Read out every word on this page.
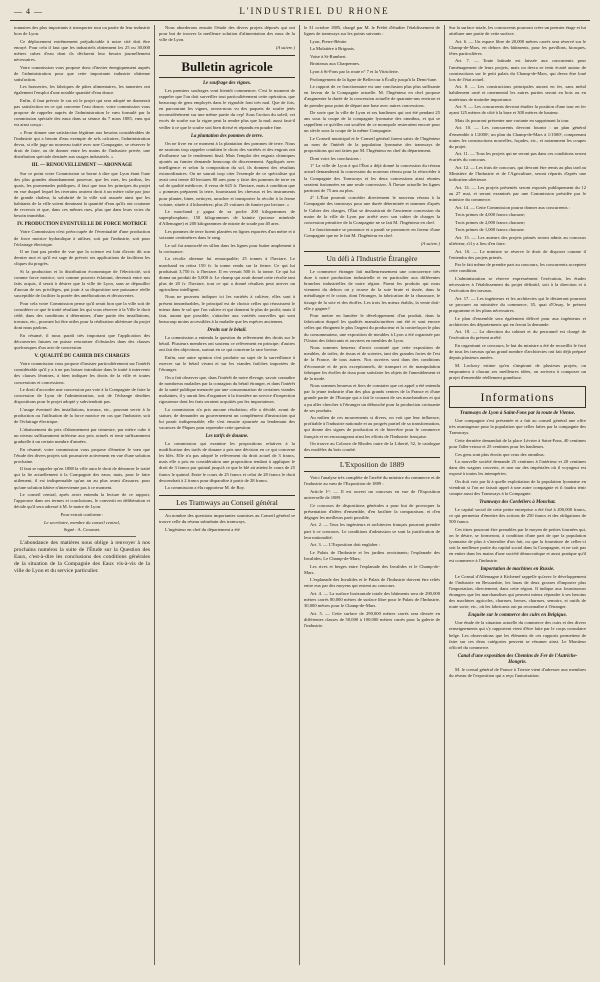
— 4 —	L'INDUSTRIEL DU RHONE

tonnaires des plus importants à transporter tout ou partie de leur industrie hors de Lyon.

Ce déplacement extrêmement préjudiciable à notre cité doit être enrayé. Pour cela il faut que les industriels obtiennent les 25 ou 30,000 mètres cubes d'eau dont ils déclarent leur besoin journellement nécessaires.

Votre commission vous propose donc d'inviter énergiquement auprès de l'administration pour que cette importante industrie obtienne satisfaction.

Les brasseries, les fabriques de pâtes alimentaires, les tanneries ont également l'emploi d'une notable quantité d'eau douce.

Enfin, il faut prévoir le cas où le projet qui sera adopté ne donnerait pas satisfaction en ce qui concerne l'eau douce; votre commission vous propose de rappeler auprès de l'administration le vœu formulé par la commission spéciale des eaux dans sa séance du 7 mars 1885, vœu qui est ainsi conçu :

« Pour donner une satisfaction légitime aux besoins considérables de l'industrie qui a besoin d'eau exempte de sels calcaires, l'administration devra, si elle juge un nouveau traité avec une Compagnie, se réserver le droit de faire, ou de donner entre les mains de l'industrie privée, une distribution spéciale destinée aux usages industriels. »

III. — RENOUVELLEMENT — ABONNAGE

Sur ce point votre Commission se borne à dire que Lyon étant l'une des plus grandes abondamment pourvue, que les rues, les jardins, les quais, les promenades publiques, il faut que tous les principes du projet en vue duquel lequel les riverains avaient droit à un mètre cube par jour de grande chaleur, la salubrité de la ville soit assurée ainsi que les habitants de la ville soient dominant la quantité d'eau qu'ils ont coutume de recevoir et que, dans ces mêmes rues, plus que dans leurs voies du besoin immédiat.

IV. PRODUCTION EVENTUELLE DE FORCE MOTRICE

Votre Commission n'est préoccupée de l'éventualité d'une production de force motrice hydraulique à utiliser, soit par l'industrie, soit pour l'éclairage électrique.

Il ne faut pas perdre de vue que la science est loin d'avoir dit son dernier mot et qu'il est sage de prévoir ses applications de facilitera les cliques du progrès.

Si la production et la distribution économique de l'électricité, soit comme force motrice, soit comme pouvoir éclairant, devenait entre nos faits acquis, il serait à désirer que la ville de Lyon, sans se dépouiller d'aucun de ses privilèges, put jouir à sa disposition une puissance réelle susceptible de faciliter la portée des améliorations et découvertes.

Pour cela votre Commission pense qu'il serait bon que la ville soit de considérer ce que le traité résultant les qui vous réserver à la Ville le droit cédé, dans des conditions à déterminer, d'une partie des installations, travaux, etc., pouvant lui être utiles pour la réalisation ultérieure du projet dont nous parlons.

En résumé, il nous paraît très important que l'application des découvertes futures ne puisse rencontrer d'obstacles dans des clauses quelconques d'un acte de concession.

V. QUALITÉ DU CAHIER DES CHARGES

Votre commission vous propose d'insister particulièrement sur l'intérêt considérable qu'il y a à ne pas laisser introduire dans le traité à intervenir des clauses léonines, à bien indiquer les droits de la ville et toutes concessions et concessions.

Le droit d'accorder une concession par voie à la Compagnie de faire la concession de Lyon de l'administration, soit de l'échange desdites dispositions pour le projet adopté y subviendrait pas.

L'usage éventuel des installations, travaux, etc., pouvant servir à la production ou l'utilisation de la force motrice en cas que l'industrie, soit de l'éclairage électrique.

L'abaissement du prix d'abonnement par trimestre, par mètre cube à un niveau suffisamment inférieur aux prix actuels et tenir suffisamment graduelle à un certain nombre d'années.

En résumé, votre commission vous propose d'émettre le vœu que l'étude des divers projets soit poursuivie activement en vue d'une solution prochaine.

Il faut se rappeler qu'en 1888 la ville aura le droit de dénoncer le traité qui la lie actuellement à la Compagnie des eaux; mais, pour le faire utilement, il est indispensable qu'un an au plus avant d'assurer, pour qu'une solution hâtive n'intervienne pas à ce moment.

Le conseil central, après avoir entendu la lecture de ce rapport, l'approuve dans ses termes et conclusions, le convertit en délibération et décide qu'il sera adressé à M. le maire de Lyon.

Pour extrait conforme :

Le secrétaire, membre du conseil central,

Signé : A. Coromet.

L'abondance des matières nous oblige à renvoyer à nos prochains numéros la suite de l'Étude sur la Question des Eaux, c'est-à-dire les conclusions des conditions générales de la situation de la Compagnie des Eaux vis-à-vis de la ville de Lyon et du service particulier.

Nous aborderons ensuite l'étude des divers projets déposés qui ont pour but de trouver la meilleure solution d'alimentation des eaux de la ville de Lyon.

(A suivre.)

Bulletin agricole
Le soufrage des vignes.

Les premiers soufrages vont bientôt commencer. C'est le moment de rappeler que l'on doit surveiller tout particulièrement cette opération, que beaucoup de gens employés dans le vignoble font très mal. Que de fois, en parcourant les vignes, avons-nous vu des paquets de soufre jetés inconsidérément sur une même partie du cep! Sous l'action du soleil, cet excès de soufre sur la vigne peut la rendre plus que la mal; aussi faut-il veiller à ce que le soufre soit bien divisé et répandu en poudre fine.

La plantation des pommes de terre.

On ne livre en ce moment à la plantation des pommes de terre. Nous ne saurions trop rappeler combien le choix des variétés et des engrais ont d'influence sur le rendement final. Mais l'emploi des engrais chimiques ajoutés au fumier demande beaucoup de discernement. Appliqués avec intelligence et selon la composition du sol, ils donnent des résultats extraordinaires. On ne saurait trop citer l'exemple de ce spécialiste qui avait cent trente 40 hectares 80 ares pour y faire des pommes de terre en sol de qualité médiocre, il versa de 625 fr. l'hectare, mais à condition que « pommes préparent la terre, fournissant les chevaux et les instruments pour planter, biner, nettoyer, arracher et transporter la récolte à la ferme voisine, située à 4 kilomètres; plus 25 voitures de fumier par hectare. »

Le marchand y gagna de sa poche 200 kilogrammes de superphosphate, 150 kilogrammes de kainite (potasse minérale d'Allemagne) et 200 kilogrammes de nitrate de soude par 40 ares.

Les pommes de terre furent plantées en lignes espacées d'un mètre et à soixante centimètres dans le rang.

Le sol fut amoncelé en sillon dans les lignes pour butter amplement à la croissance.

La récolte obtenue fut remarquable; 25 tonnes à l'hectare. Le marchand en retira 150 fr. la tonne rendu sur la ferme. Ce qui lui produisait 3,750 fr. à l'hectare. Il en versait 500 fr. la tonne. Ce qui lui donna un produit de 5,000 fr. Le champ qui avait donné cette récolte tant plus de 20 fr. l'hectare, tout ce qui a donné résultats peut arriver un agriculteur intelligent.

Nous ne pouvons indiquer ici les variétés à cultiver, elles sont à présent innombrables, le principal est de choisir celles qui réussissent le mieux dans le sol que l'on cultive et qui donnent le plus de profit; mais il faut, autant que possible, s'attacher aux variétés nouvelles qui sont beaucoup moins accessibles à la maladie que les espèces anciennes.

Droits sur le bétail.

La commission a entendu la question du relèvement des droits sur le bétail. Plusieurs membres ont soutenu ce relèvement en principe; d'autres ont fait des objections, surtout en ce qui concerne la race bovine.

Enfin, une autre opinion s'est produite au sujet de la surveillance à exercer sur le bétail vivant et sur les viandes fraîches importées de l'étranger.

On a fait observer que, dans l'intérêt de notre élevage, savoir connaître de nombreux maladies par la contagion du bétail étranger, et dans l'intérêt de la santé publique menacée par une consommation de certaines viandes malsaines, il y aurait lieu d'organiser à la frontière un service d'inspection rigoureuse dont les frais seraient acquittés par les importateurs.

La commission n'a pris aucune résolution; elle a décidé, avant de statuer, de demander au gouvernement un complément d'instruction qui lui parait indispensable; elle s'est ensuite ajournée au lendemain des vacances de Pâques pour reprendre cette question.

Les tarifs de douane.

La commission qui examine les propositions relatives à la modification des tarifs de douane a pris une décision en ce qui concerne les blés. Elle n'a pas adopté le relèvement du droit actuel de 3 francs, mais elle a pris en considération une proposition tendant à appliquer le droit de 3 francs par quintal jusqu'à ce que le blé ait atteint le cours de 25 francs le quintal. Entre le cours de 25 francs et celui de 28 francs le droit descendrait à 2 francs pour disparaître à partir de 28 francs.

La commission a élu rapporteur M. de Roy.

Les Tramways au Conseil général

Au nombre des questions importantes soumises au Conseil général se trouve celle du réseau suburbain des tramways.

L'ingénieur en chef du département a été

le 31 octobre 1885, chargé par M. le Préfet d'étudier l'établissement de lignes de tramways sur les points suivants :

Lyon, Pierre-Bénite.

La Mulatière à Brignais.

Vaise à St-Rambert.

Brotteaux aux Charpennes.

Lyon à St-Fons par la route n° 7 et la Vitriolerie.

Prolongement de la ligne de Bellecour à Écully jusqu'à la Demi-lune.

Le rapport de ce fonctionnaire est une conclusion plus plus suffisante en faveur de la Compagnie actuelle. M. l'Ingénieur en chef propose d'augmenter la durée de la concession actuelle de quarante-ans environ et de prendre pour point de départ une base avec autres concessions.

De sorte que la ville de Lyon et ses banlieues qui ont été pendant 25 ans sous la coupe de la compagnie lyonnaise des omnibus, et qui se rappellent ce qu'elles ont souffert de ce monopole resteraient encore pour un siècle sous la coupe de la même Compagnie.

Le Conseil municipal et le Conseil général furent saisis de l'Ingénieur au nom de l'intérêt de la population lyonnaise des tramways de propositions qui ont faites par M. l'Ingénieur en chef du département.

Dont voici les conclusions :

1° La ville de Lyon à qui l'État a déjà donné la concession du réseau actuel demanderait la concession du nouveau réseau pour la rétrocéder à la Compagnie des Tramways et les deux concessions ainsi réunies seraient fusionnées en une seule concession. À l'heure actuelle les lignes partiront de 75 ans au plus.

2° L'État pourrait concéder directement le nouveau réseau à la Compagnie des tramways pour une durée déterminée et nommer d'après le Cahier des charges, l'État se dessaisirait de l'ancienne concession du maire de la ville de Lyon par arrêté avec son cahier de charges la concession primitive de la Compagnie ne se fait M. l'Ingénieur en chef.

Le fonctionnaire se prononce et a paraît se prononcer en faveur d'une Compagnie que ne le fait M. l'Ingénieur en chef.

(A suivre.)

Un défi à l'Industrie Étrangère

Le commerce étranger fait malheureusement une concurrence très dure à notre production industrielle et en particulier aux différentes branches industrielles de notre région. Parmi les produits qui nous viennent du dehors on y trouve de la soie brute et tissée, dans la métallurgie et le coton, dont l'étranger, la fabrication de la chaussure, le tissage de la soie et des étoffes. Les trois les mieux établis, la vente doit-elle y gagner?

Pour mettre en lumière le développement d'un produit, dans la fabrication duquel les qualités manufacturières ont été et sont encore celles qui éloignent le plus l'argent du producteur et la contrefaçon le plus du consommateur, une exposition de meubles à Lyon a été organisée par l'Union des fabricants et ouvriers en meubles de Lyon.

Nous sommes heureux d'avoir constaté que cette exposition de meubles, de toiles, de tissus et de soieries, tant des grandes fortes de l'est de la France, de tous autres. Nos ouvriers sont dans des conditions d'économie et de prix exceptionnels, de transport et de manipulation fabriquer les étoffes de tissu pour satisfaire les objets de l'ameublement et de la mode.

Nous sommes heureux et fiers de constater que cet appel a été entendu par la jeune industrie d'un des plus grands centres de la France et d'une grande partie de l'Europe qui a fait le courant de ses marchandises et qui a pu aller chercher à l'étranger un débouché pour la production croissante de ses produits.

Au milieu de ces mouvements si divers, on voit que leur influence, profitable à l'industrie nationale et au progrès partiel de sa transformation, qui donne des signes de production et de bien-être pour le commerce français et en encourageant ainsi les efforts de l'Industrie française.

On trouve au Coloseo de Rhodes outre de la Liberté, 52, le catalogue des modèles du bois courbé.

L'Exposition de 1889

Voici l'analyse très complète de l'arrêté du ministre du commerce et de l'industrie au vœu de l'Exposition de 1889 :

Article 1ᵉʳ. — Il est ouvert un concours en vue de l'Exposition universelle de 1889.

Ce concours de dispositions générales a pour but de provoquer la présentation d'idées d'ensemble, d'en faciliter la comparaison, et d'en dégager les meilleurs parti possible.

Art. 2. — Tous les ingénieurs et architectes français pourront prendre part à ce concours. Le conditions d'admission se sont la justification de leur nationalité.

Art. 3. — L'Exposition doit englober :

Le Palais de l'Industrie et les jardins avoisinants; l'esplanade des Invalides; Le Champ-de-Mars;

Les rives et berges entre l'esplanade des Invalides et le Champ-de-Mars.

L'esplanade des Invalides et le Palais de l'Industrie doivent être reliés entre eux par des moyens qui restent au concours.

Art. 4. — La surface horizontale totale des bâtiments sera de 290,000 mètres carrés 80,000 mètres de surface libre pour le Palais de l'Industrie, 30,000 mètres pour le Champ-de-Mars.

Art. 5. — Cette surface de 290,000 mètres carrés sera divisée en différentes classes de 50,000 à 100,000 mètres carrés pour la galerie de l'industrie.

Sur la surface totale, les concurrents pourront créer un premier étage et lui attribuer une partie de cette surface.

Art. 6. — Un espace libre de 20,000 mètres carrés sera réservé sur le Champ-de-Mars, en dehors des bâtiments, pour les pavillons, kiosques, fêtes particulières.

Art. 7. — Toute latitude est laissée aux concurrents pour l'aménagement de leurs projets, mais on devra se tenir écarté autour de constructions sur le petit palais du Champ-de-Mars, qui devra être loué lors de l'état actuel.

Art. 8. — Les constructions principales auront en fer, sans métal habilement orné et ornemental les autres parties seront en bois ou en matériaux de moindre importance.

Art. 9. — Les concurrents devront étudier la position d'une tour en fer ayant 125 mètres de côté à la base et 300 mètres de hauteur.

Mais ils pourront présenter une variante en supprimant la tour.

Art. 10. — Les concurrents devront fournir : un plan général d'ensemble à 1/2000ᵉ, un plan du Champ-de-Mars à 1/1000ᵉ, comprenant toutes les constructions nouvelles, façades, etc., et notamment les coupes du projet.

Art. 11. — Tous les projets qui ne seront pas dans ces conditions seront écartés du concours.

Art. 12. — Les frais de concours, qui devront être remis au plus tard au Ministère de l'Industrie et de l'Agriculture, seront répartis d'après une indication ultérieure.

Art. 13. — Les projets présentés seront exposés publiquement du 12 au 27 mai, et seront examinés par une Commission présidée par le ministre du commerce.

Art. 14. — Cette Commission pourra donner aux concurrents :

Trois primes de 4,000 francs chacune;

Trois primes de 2,000 francs chacune;

Trois primes de 1,000 francs chacune.

Art. 15. — Les auteurs des projets primés seront admis au concours ultérieur, s'il y a lieu d'en faire.

Art. 16. — Le ministre se réserve le droit de disposer comme il l'entendra des projets primés.

Par le fait même de prendre part au concours, les concurrents acceptent cette condition.

L'administration se réserve expressément l'exécution, les études nécessaires à l'établissement du projet définitif, soit à la direction et à l'exécution des travaux.

Art. 17. — Les ingénieurs et les architectes qui le désireront pourront se procurer au ministère du commerce, 35, quai d'Orsay, le présent programme et les plans nécessaires.

Le plan d'ensemble sera également délivré pour aux ingénieurs et architectes des départements qui en feront la demande.

Art. 18. — La direction du cabinet et du personnel est chargé de l'exécution du présent arrêté.

En organisant ce concours, le but du ministre a été de recueillir le fruit de tous les travaux qu'un grand nombre d'architectes ont fait déjà préparé depuis plusieurs années.

M. Lockroy estime qu'en s'inspirant de plusieurs projets, on empruntera à chacun ses meilleures idées, on arrivera à composer un projet d'ensemble réellement grandiose.

Informations
Tramways de Lyon à Saint-Fons par la route de Vienne.

Une compagnie s'est présentée et a fait au conseil général une offre très avantageuse pour la population que celles faites par la compagnie des Tramways.

Cette dernière demandait de la place Lévrier à Saint-Fons, 40 centimes pour l'aller-retour et 25 centimes pour les banlieues.

Ces gens sont plus étroits que ceux des omnibus.

La nouvelle société demande 25 centimes à l'intérieur et 20 centimes dans des wagons couverts, et non sur des impériales où il voyageur est exposé à toutes les intempéries.

On doit voir par là à quelle exploitation de la population lyonnaise en viendrait si l'on ne faisait appel à une autre compagnie et il faudra tenir compte aussi des Tramways à la Compagnie.

Tramways des Cordeliers à Monchat.

Le capital social de cette petite entreprise a été fixé à 200,000 francs, ce qui permettra d'émettre des actions de 250 francs et des obligations de 500 francs.

Ces titres pourront être prenables par le moyen de petites fournées qui, on le désire, se formeront, à condition d'une part de que la population lyonnaise de plus à s'interdire d'un fait, ou que la fourniture de celles-ci soit la meilleure partie du capital social dans la Compagnie, et ne soit pas en entier dans les mains d'une société démocratique et aussi pratique qu'il est commerce à l'industrie.

Importation de machines en Russie.

Le Consul d'Allemagne à Kichenef rappelle qu'avec le développement de l'industrie en Bessarabie, les haras de deux grosses d'importer plus l'importation, directement, dans cette région. Il indique aux fournisseurs étrangers que les marchandises qui peuvent mieux répondre à ses besoins des machines agricoles, charrues, herses, charrues, semoirs, et outils de toute sorte; etc., où les fabricants ont pu reconnaître à l'étranger.

Enquête sur le commerce des cuirs en Belgique.

Une étude de la situation actuelle du commerce des cuirs et des divers renseignements qui s'y rapportent vient d'être faite par le corps consulaire belge. Les observations que les éléments de ces rapports permettent de faire sur ces deux catégories peuvent se résumer ainsi. Le Moniteur officiel du commerce.

Canal d'une exposition des Chemins de Fer de l'Autriche-Hongrie.

M. le consul général de France à Trieste vient d'adresser aux membres du réseau de l'exposition qui a reçu l'autorisation.
